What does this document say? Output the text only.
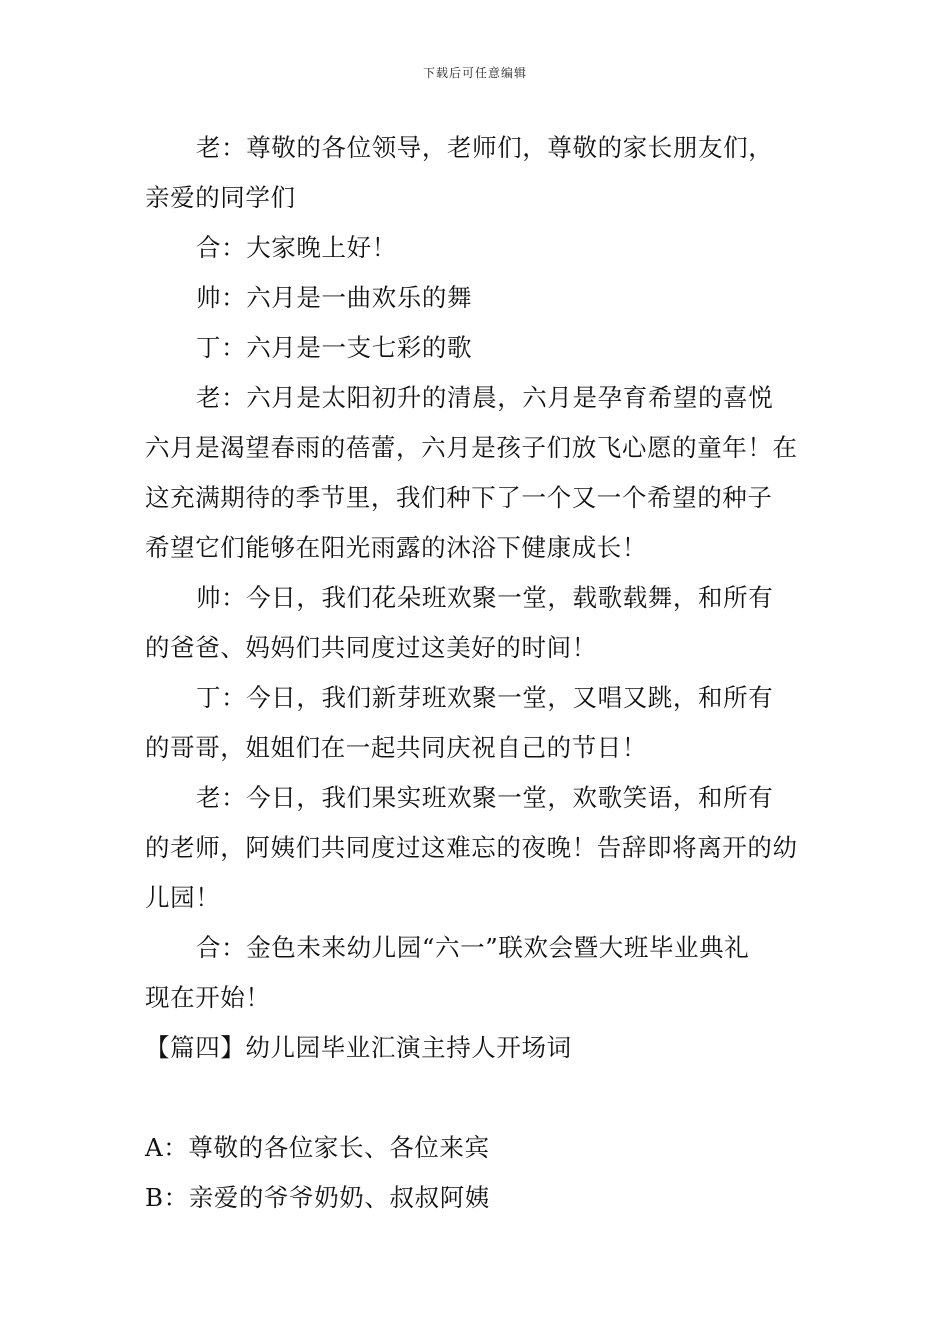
下载后可任意编辑

老：尊敬的各位领导，老师们，尊敬的家长朋友们，
亲爱的同学们

合：大家晚上好！

帅：六月是一曲欢乐的舞

丁：六月是一支七彩的歌

老：六月是太阳初升的清晨，六月是孕育希望的喜悦
六月是渴望春雨的蓓蕾，六月是孩子们放飞心愿的童年！在
这充满期待的季节里，我们种下了一个又一个希望的种子
希望它们能够在阳光雨露的沐浴下健康成长！

帅：今日，我们花朵班欢聚一堂，载歌载舞，和所有
的爸爸、妈妈们共同度过这美好的时间！

丁：今日，我们新芽班欢聚一堂，又唱又跳，和所有
的哥哥，姐姐们在一起共同庆祝自己的节日！

老：今日，我们果实班欢聚一堂，欢歌笑语，和所有
的老师，阿姨们共同度过这难忘的夜晚！告辞即将离开的幼
儿园！

合：金色未来幼儿园“六一”联欢会暨大班毕业典礼
现在开始！

【篇四】幼儿园毕业汇演主持人开场词

A：尊敬的各位家长、各位来宾

B：亲爱的爷爷奶奶、叔叔阿姨
